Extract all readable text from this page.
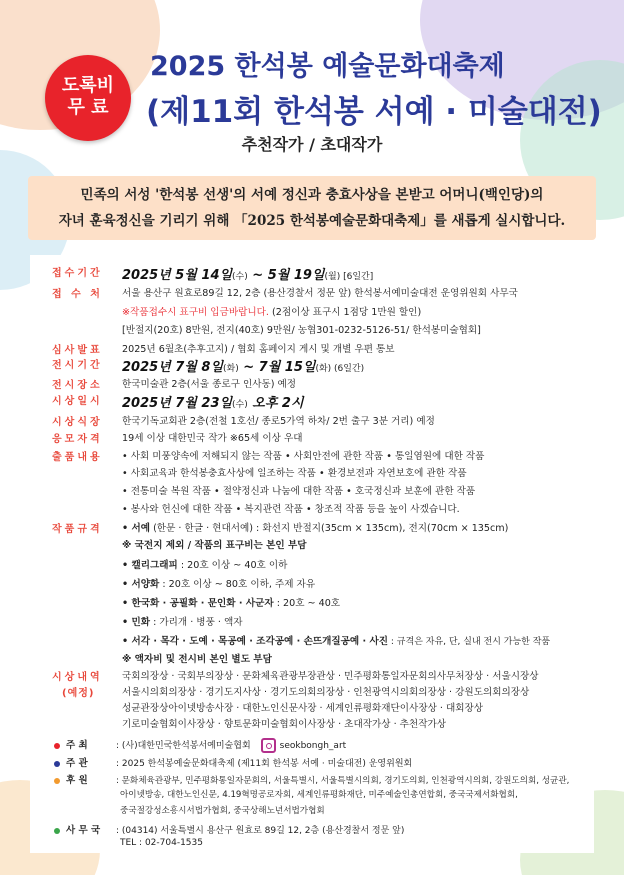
도록비
무 료
2025 한석봉 예술문화대축제
(제11회 한석봉 서예 · 미술대전)
추천작가 / 초대작가
민족의 서성 '한석봉 선생'의 서예 정신과 충효사상을 본받고 어머니(백인당)의
자녀 훈육정신을 기리기 위해 「2025 한석봉예술문화대축제」를 새롭게 실시합니다.
접수기간	2025년 5월 14일(수) ~ 5월 19일(월) [6일간]
접 수 처	서울 용산구 원효로89길 12, 2층 (용산경찰서 정문 앞) 한석봉서예미술대전 운영위원회 사무국
※작품접수시 표구비 입금바랍니다. (2점이상 표구시 1점당 1만원 할인)
[반절지(20호) 8만원, 전지(40호) 9만원/ 농협301-0232-5126-51/ 한석봉미술협회]
심사발표	2025년 6월초(추후고지) / 협회 홈페이지 게시 및 개별 우편 통보
전시기간	2025년 7월 8일(화) ~ 7월 15일(화) (6일간)
전시장소	한국미술관 2층(서울 종로구 인사동) 예정
시상일시	2025년 7월 23일(수) 오후 2시
시상식장	한국기독교회관 2층(전철 1호선/ 종로5가역 하차/ 2번 출구 3분 거리) 예정
응모자격	19세 이상 대한민국 작가 ※65세 이상 우대
출품내용	• 사회 미풍양속에 저해되지 않는 작품 • 사회안전에 관한 작품 • 통일염원에 대한 작품
• 사회교육과 한석봉충효사상에 일조하는 작품 • 환경보전과 자연보호에 관한 작품
• 전통미술 복원 작품 • 절약정신과 나눔에 대한 작품 • 호국정신과 보훈에 관한 작품
• 봉사와 헌신에 대한 작품 • 복지관련 작품 • 창조적 작품 등을 높이 사겠습니다.
작품규격	• 서예 (한문 · 한글 · 현대서예) : 화선지 반절지(35cm × 135cm), 전지(70cm × 135cm)
※ 국전지 제외 / 작품의 표구비는 본인 부담
• 캘리그래피 : 20호 이상 ~ 40호 이하
• 서양화 : 20호 이상 ~ 80호 이하, 주제 자유
• 한국화 · 공필화 · 문인화 · 사군자 : 20호 ~ 40호
• 민화 : 가리개 · 병풍 · 액자
• 서각 · 목각 · 도예 · 목공예 · 조각공예 · 손뜨개질공예 · 사진 : 규격은 자유, 단, 실내 전시 가능한 작품
※ 액자비 및 전시비 본인 별도 부담
시상내역	국회의장상 · 국회부의장상 · 문화체육관광부장관상 · 민주평화통일자문회의사무처장상 · 서울시장상
(예정)	서울시의회의장상 · 경기도지사상 · 경기도의회의장상 · 인천광역시의회의장상 · 강원도의회의장상
성균관장상아이넷방송사장 · 대한노인신문사장 · 세계인류평화재단이사장상 · 대회장상
기로미술협회이사장상 · 향토문화미술협회이사장상 · 초대작가상 · 추천작가상
주 최	: (사)대한민국한석봉서예미술협회	seokbongh_art
주 관	: 2025 한석봉예술문화대축제 (제11회 한석봉 서예 · 미술대전) 운영위원회
후 원	: 문화체육관광부, 민주평화통일자문회의, 서울특별시, 서울특별시의회, 경기도의회, 인천광역시의회, 강원도의회, 성균관,
아이넷방송, 대한노인신문, 4.19혁명공로자회, 세계인류평화재단, 미주예술인총연합회, 중국국제서화협회,
중국절강성소흥시서법가협회, 중국상해노년서법가협회
사 무 국 : (04314) 서울특별시 용산구 원효로 89길 12, 2층 (용산경찰서 정문 앞)
TEL : 02-704-1535
